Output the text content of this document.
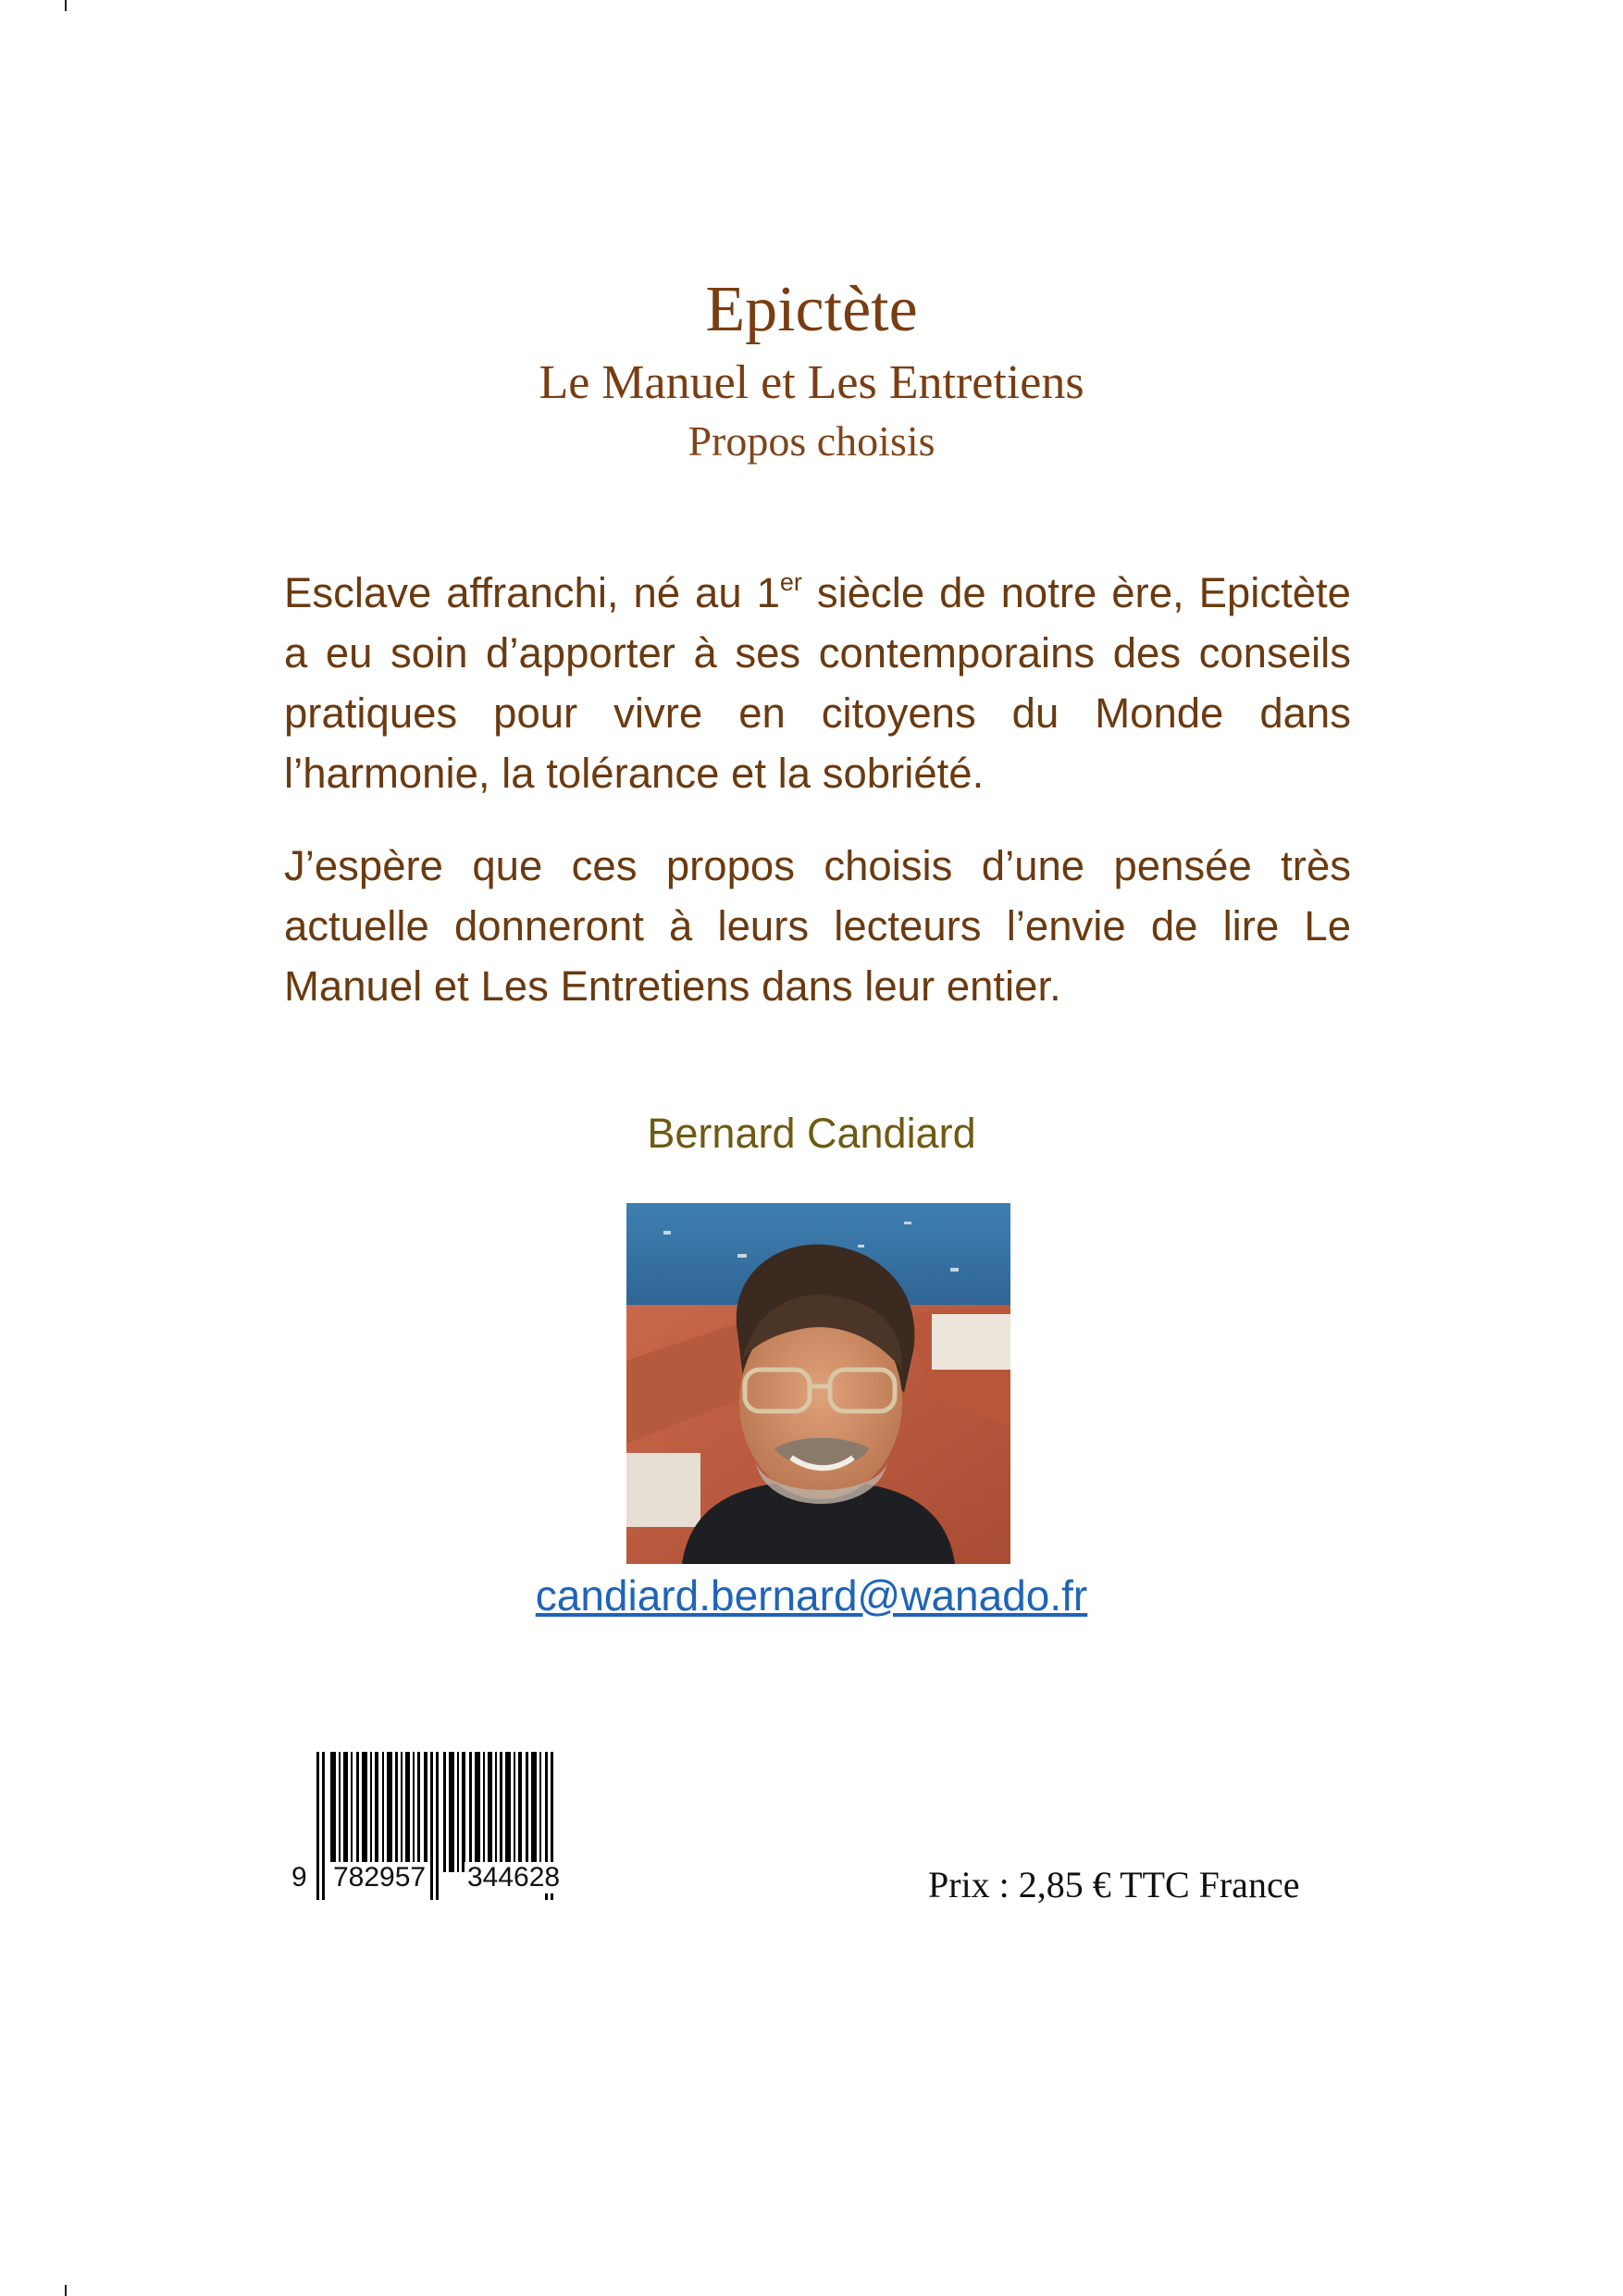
Epictète
Le Manuel et Les Entretiens
Propos choisis

Esclave affranchi, né au 1er siècle de notre ère, Epictète a eu soin d’apporter à ses contemporains des conseils pratiques pour vivre en citoyens du Monde dans l’harmonie, la tolérance et la sobriété.

J’espère que ces propos choisis d’une pensée très actuelle donneront à leurs lecteurs l’envie de lire Le Manuel et Les Entretiens dans leur entier.

Bernard Candiard
candiard.bernard@wanado.fr
9 782957 344628	Prix : 2,85 € TTC France
